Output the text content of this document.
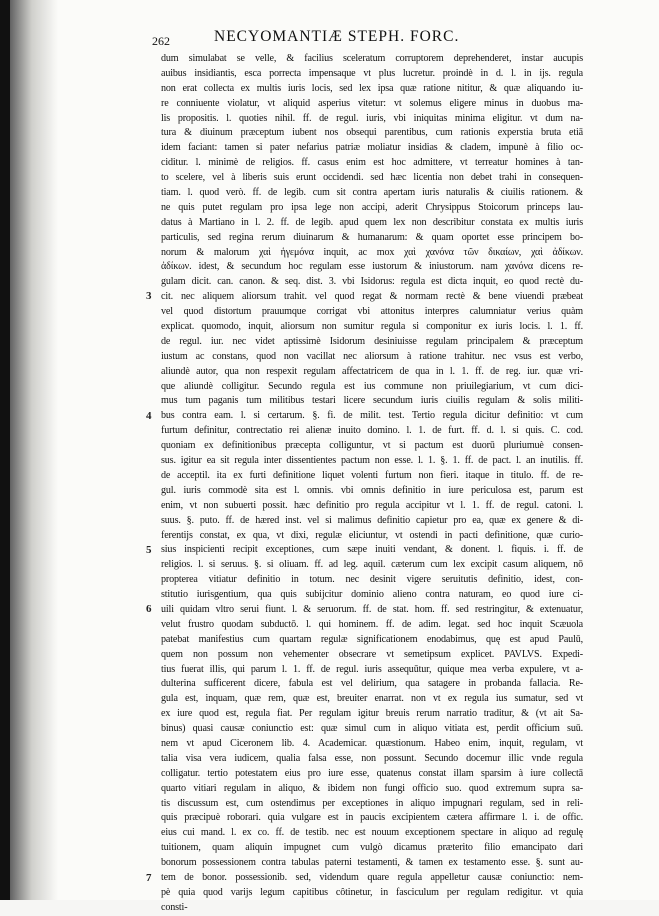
262	NECYOMANTIÆ STEPH. FORC.
dum simulabat se velle, & facilius sceleratum corruptorem deprehenderet, instar aucupis
auibus insidiantis, esca porrecta impensaque vt plus lucretur. proindè in d. l. in ijs. regula
non erat collecta ex multis iuris locis, sed lex ipsa quæ ratione nititur, & quæ aliquando iu-
re conniuente violatur, vt aliquid asperius vitetur: vt solemus eligere minus in duobus ma-
lis propositis. l. quoties nihil. ff. de regul. iuris, vbi iniquitas minima eligitur. vt dum na-
tura & diuinum præceptum iubent nos obsequi parentibus, cum rationis experstia bruta etiā
idem faciant: tamen si pater nefarius patriæ moliatur insidias & cladem, impunè à filio oc-
ciditur. l. minimè de religios. ff. casus enim est hoc admittere, vt terreatur homines à tan-
to scelere, vel à liberis suis erunt occidendi. sed hæc licentia non debet trahi in consequen-
tiam. l. quod verò. ff. de legib. cum sit contra apertam iuris naturalis & ciuilis rationem. &
ne quis putet regulam pro ipsa lege non accipi, aderit Chrysippus Stoicorum princeps lau-
datus à Martiano in l. 2. ff. de legib. apud quem lex non describitur constata ex multis iuris
particulis, sed regina rerum diuinarum & humanarum: & quam oportet esse principem bo-
norum & malorum χαὶ ἡγεμόνα inquit, ac mox χαὶ χανόνα τῶν δικαίων, χαὶ ἀδίκων.
ἀδίκων. idest, & secundum hoc regulam esse iustorum & iniustorum. nam χανόνα dicens re-
gulam dicit. can. canon. & seq. dist. 3. vbi Isidorus: regula est dicta inquit, eo quod rectè du-
cit. nec aliquem aliorsum trahit. vel quod regat & normam rectè & bene viuendi præbeat
vel quod distortum prauumque corrigat vbi attonitus interpres calumniatur verius quàm
explicat. quomodo, inquit, aliorsum non sumitur regula si componitur ex iuris locis. l. 1. ff.
de regul. iur. nec videt aptissimè Isidorum desiniuisse regulam principalem & præceptum
iustum ac constans, quod non vacillat nec aliorsum à ratione trahitur. nec vsus est verbo,
aliundè autor, qua non respexit regulam affectatricem de qua in l. 1. ff. de reg. iur. quæ vri-
que aliundè colligitur. Secundo regula est ius commune non priuilegiarium, vt cum dici-
mus tum paganis tum militibus testari licere secundum iuris ciuilis regulam & solis militi-
bus contra eam. l. si certarum. §. fi. de milit. test. Tertio regula dicitur definitio: vt cum
furtum definitur, contrectatio rei alienæ inuito domino. l. 1. de furt. ff. d. l. si quis. C. cod.
quoniam ex definitionibus præcepta colliguntur, vt si pactum est duorū pluriumuè consen-
sus. igitur ea sit regula inter dissentientes pactum non esse. l. 1. §. 1. ff. de pact. l. an inutilis. ff.
de acceptil. ita ex furti definitione liquet volenti furtum non fieri. itaque in titulo. ff. de re-
gul. iuris commodè sita est l. omnis. vbi omnis definitio in iure periculosa est, parum est
enim, vt non subuerti possit. hæc definitio pro regula accipitur vt l. 1. ff. de regul. catoni. l.
suus. §. puto. ff. de hæred inst. vel si malimus definitio capietur pro ea, quæ ex genere & di-
ferentijs constat, ex qua, vt dixi, regulæ eliciuntur, vt ostendi in pacti definitione, quæ curio-
sius inspicienti recipit exceptiones, cum sæpe inuiti vendant, & donent. l. fiquis. i. ff. de
religios. l. si seruus. §. si oliuam. ff. ad leg. aquil. cæterum cum lex excipit casum aliquem, nō
propterea vitiatur definitio in totum. nec desinit vigere seruitutis definitio, idest, con-
stitutio iurisgentium, qua quis subijcitur dominio alieno contra naturam, eo quod iure ci-
uili quidam vltro serui fiunt. l. & seruorum. ff. de stat. hom. ff. sed restringitur, & extenuatur,
velut frustro quodam subductō. l. qui hominem. ff. de adim. legat. sed hoc inquit Scæuola
patebat manifestius cum quartam regulæ significationem enodabimus, quę est apud Paulū,
quem non possum non vehementer obsecrare vt semetipsum explicet. PAVLVS. Expedi-
tius fuerat illis, qui parum l. 1. ff. de regul. iuris assequūtur, quique mea verba expulere, vt a-
dulterina sufficerent dicere, fabula est vel delirium, qua satagere in probanda fallacia. Re-
gula est, inquam, quæ rem, quæ est, breuiter enarrat. non vt ex regula ius sumatur, sed vt
ex iure quod est, regula fiat. Per regulam igitur breuis rerum narratio traditur, & (vt ait Sa-
binus) quasi causæ coniunctio est: quæ simul cum in aliquo vitiata est, perdit officium suū.
nem vt apud Ciceronem lib. 4. Academicar. quæstionum. Habeo enim, inquit, regulam, vt
talia visa vera iudicem, qualia falsa esse, non possunt. Secundo docemur illic vnde regula
colligatur. tertio potestatem eius pro iure esse, quatenus constat illam sparsim à iure collectā
quarto vitiari regulam in aliquo, & ibidem non fungi officio suo. quod extremum supra sa-
tis discussum est, cum ostendimus per exceptiones in aliquo impugnari regulam, sed in reli-
quis præcipuè roborari. quia vulgare est in paucis excipientem cætera affirmare l. i. de offic.
eius cui mand. l. ex co. ff. de testib. nec est nouum exceptionem spectare in aliquo ad regulę
tuitionem, quam aliquin impugnet cum vulgò dicamus præterito filio emancipato dari
bonorum possessionem contra tabulas paterni testamenti, & tamen ex testamento esse. §. sunt au-
tem de bonor. possessionib. sed, videndum quare regula appelletur causæ coniunctio: nem-
pè quia quod varijs legum capitibus côtinetur, in fasciculum per regulam redigitur. vt quia
consti-
3
4
5
6
7
